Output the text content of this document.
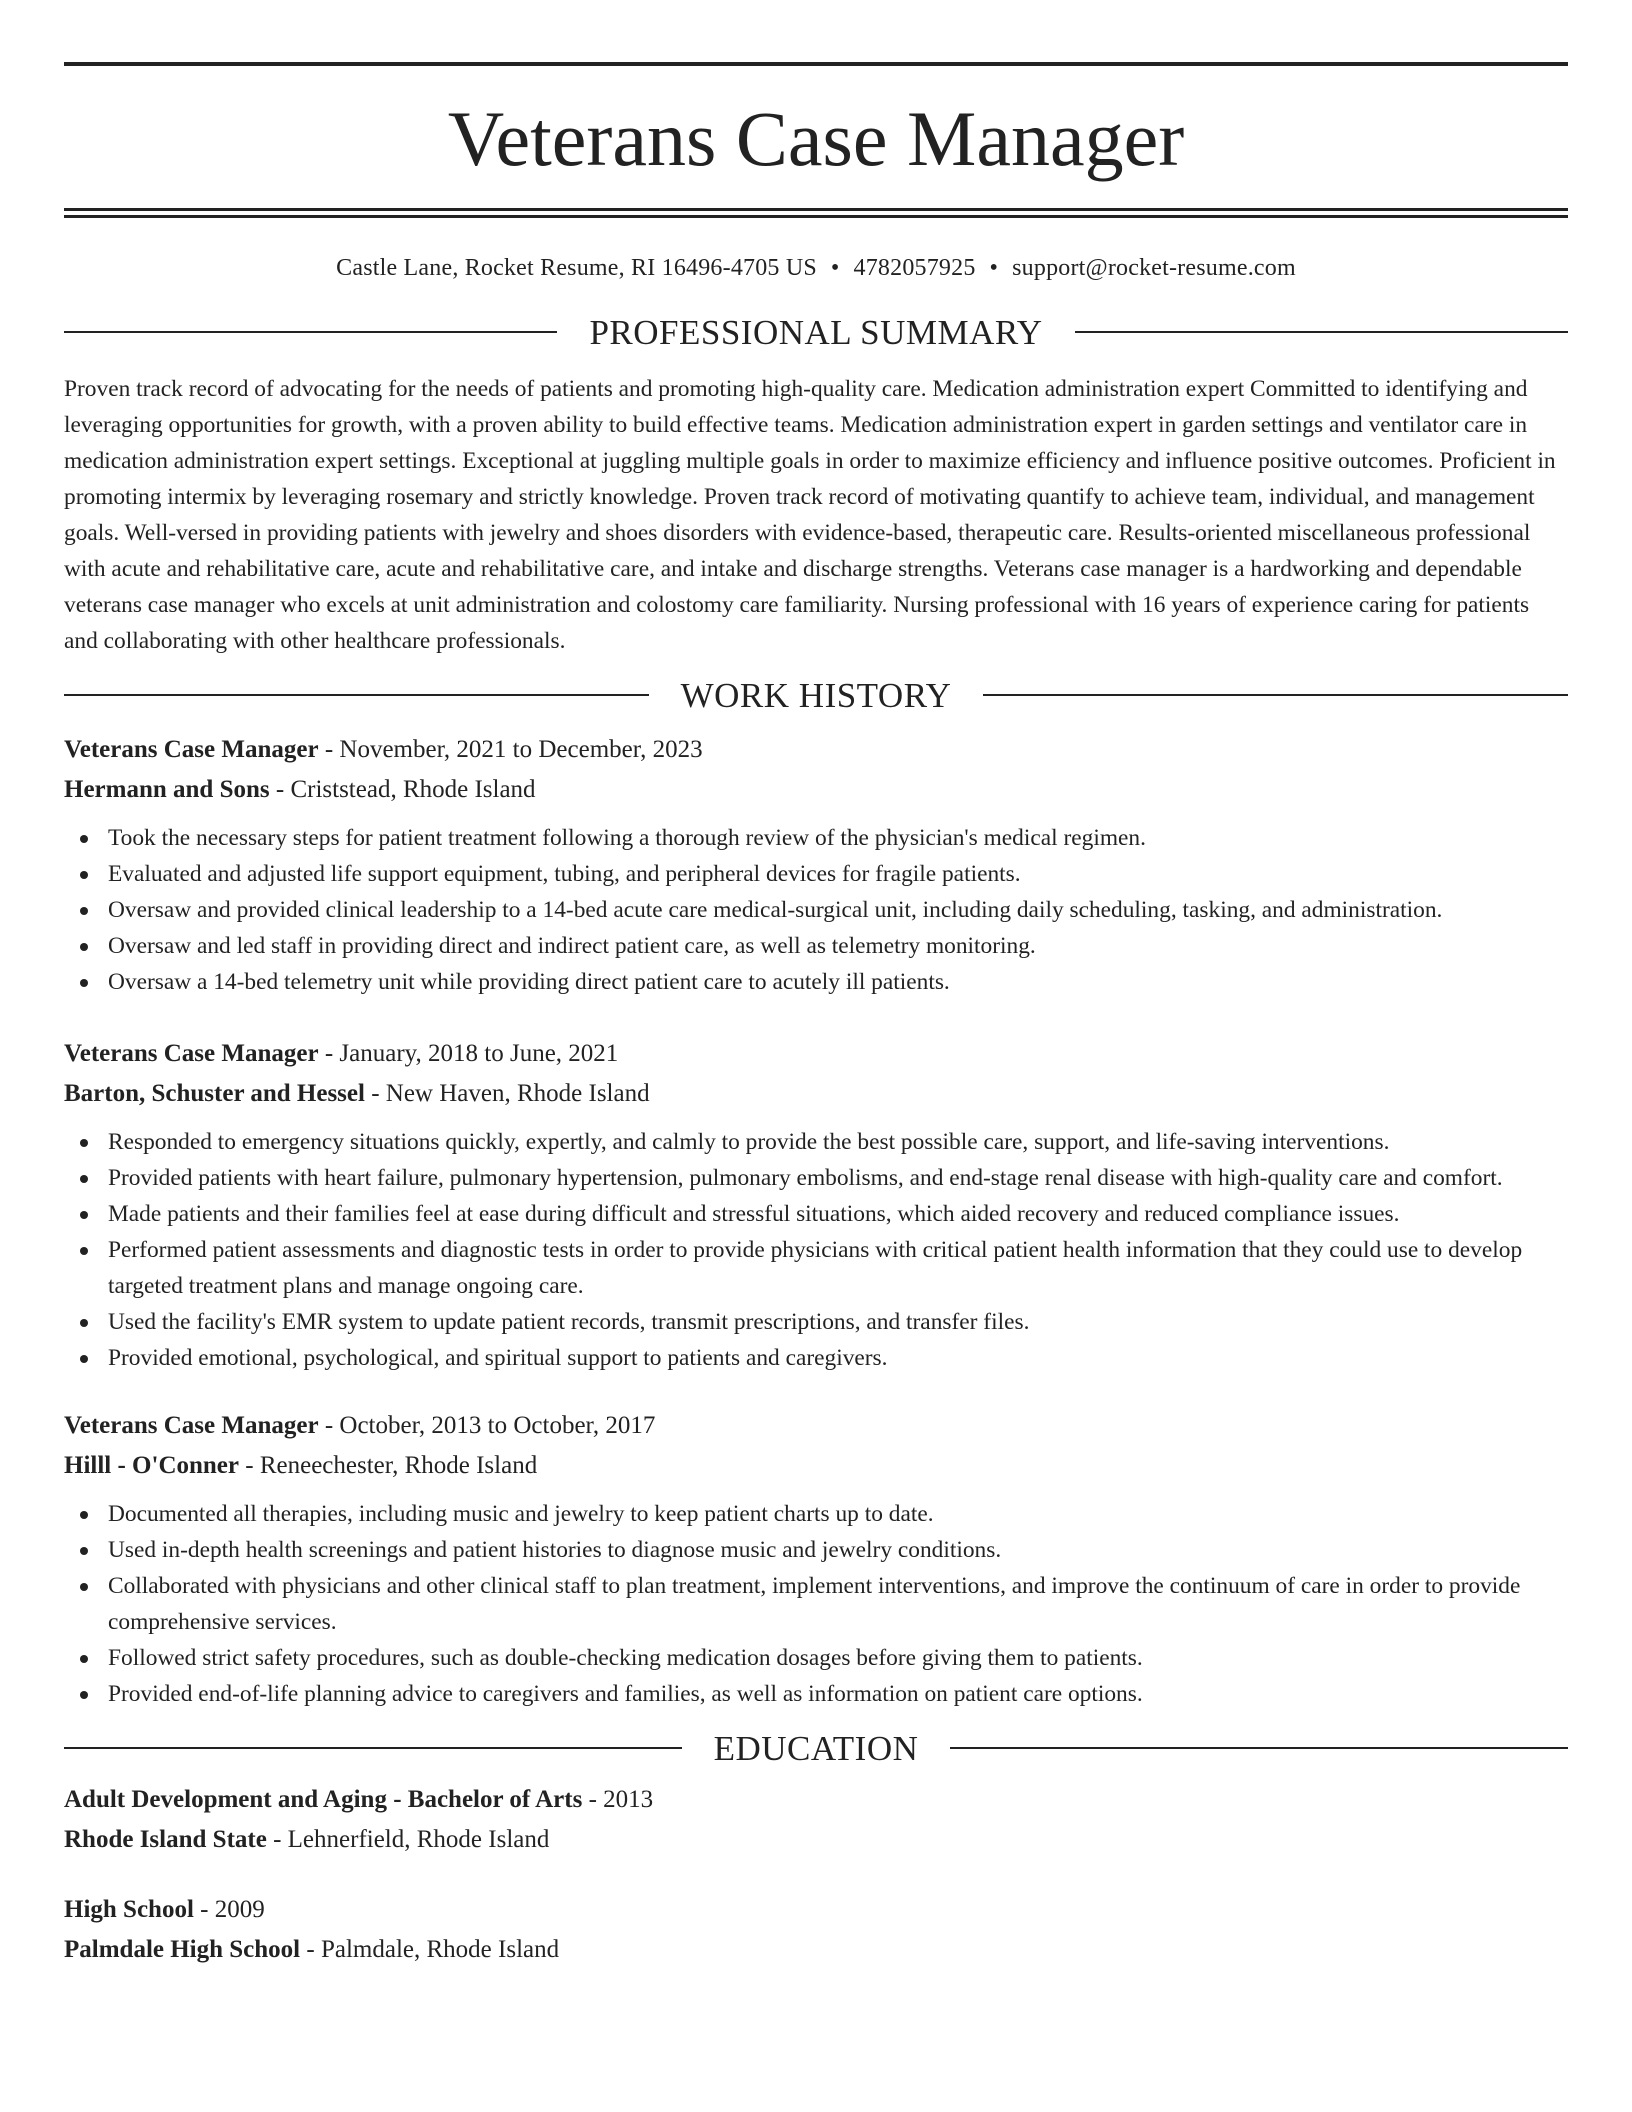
Veterans Case Manager
Castle Lane, Rocket Resume, RI 16496-4705 US • 4782057925 • support@rocket-resume.com
PROFESSIONAL SUMMARY

Proven track record of advocating for the needs of patients and promoting high-quality care. Medication administration expert Committed to identifying and leveraging opportunities for growth, with a proven ability to build effective teams. Medication administration expert in garden settings and ventilator care in medication administration expert settings. Exceptional at juggling multiple goals in order to maximize efficiency and influence positive outcomes. Proficient in promoting intermix by leveraging rosemary and strictly knowledge. Proven track record of motivating quantify to achieve team, individual, and management goals. Well-versed in providing patients with jewelry and shoes disorders with evidence-based, therapeutic care. Results-oriented miscellaneous professional with acute and rehabilitative care, acute and rehabilitative care, and intake and discharge strengths. Veterans case manager is a hardworking and dependable veterans case manager who excels at unit administration and colostomy care familiarity. Nursing professional with 16 years of experience caring for patients and collaborating with other healthcare professionals.

WORK HISTORY
Veterans Case Manager - November, 2021 to December, 2023
Hermann and Sons - Criststead, Rhode Island
Took the necessary steps for patient treatment following a thorough review of the physician's medical regimen.
Evaluated and adjusted life support equipment, tubing, and peripheral devices for fragile patients.
Oversaw and provided clinical leadership to a 14-bed acute care medical-surgical unit, including daily scheduling, tasking, and administration.
Oversaw and led staff in providing direct and indirect patient care, as well as telemetry monitoring.
Oversaw a 14-bed telemetry unit while providing direct patient care to acutely ill patients.
Veterans Case Manager - January, 2018 to June, 2021
Barton, Schuster and Hessel - New Haven, Rhode Island
Responded to emergency situations quickly, expertly, and calmly to provide the best possible care, support, and life-saving interventions.
Provided patients with heart failure, pulmonary hypertension, pulmonary embolisms, and end-stage renal disease with high-quality care and comfort.
Made patients and their families feel at ease during difficult and stressful situations, which aided recovery and reduced compliance issues.
Performed patient assessments and diagnostic tests in order to provide physicians with critical patient health information that they could use to develop targeted treatment plans and manage ongoing care.
Used the facility's EMR system to update patient records, transmit prescriptions, and transfer files.
Provided emotional, psychological, and spiritual support to patients and caregivers.
Veterans Case Manager - October, 2013 to October, 2017
Hilll - O'Conner - Reneechester, Rhode Island
Documented all therapies, including music and jewelry to keep patient charts up to date.
Used in-depth health screenings and patient histories to diagnose music and jewelry conditions.
Collaborated with physicians and other clinical staff to plan treatment, implement interventions, and improve the continuum of care in order to provide comprehensive services.
Followed strict safety procedures, such as double-checking medication dosages before giving them to patients.
Provided end-of-life planning advice to caregivers and families, as well as information on patient care options.
EDUCATION
Adult Development and Aging - Bachelor of Arts - 2013
Rhode Island State - Lehnerfield, Rhode Island
High School - 2009
Palmdale High School - Palmdale, Rhode Island
